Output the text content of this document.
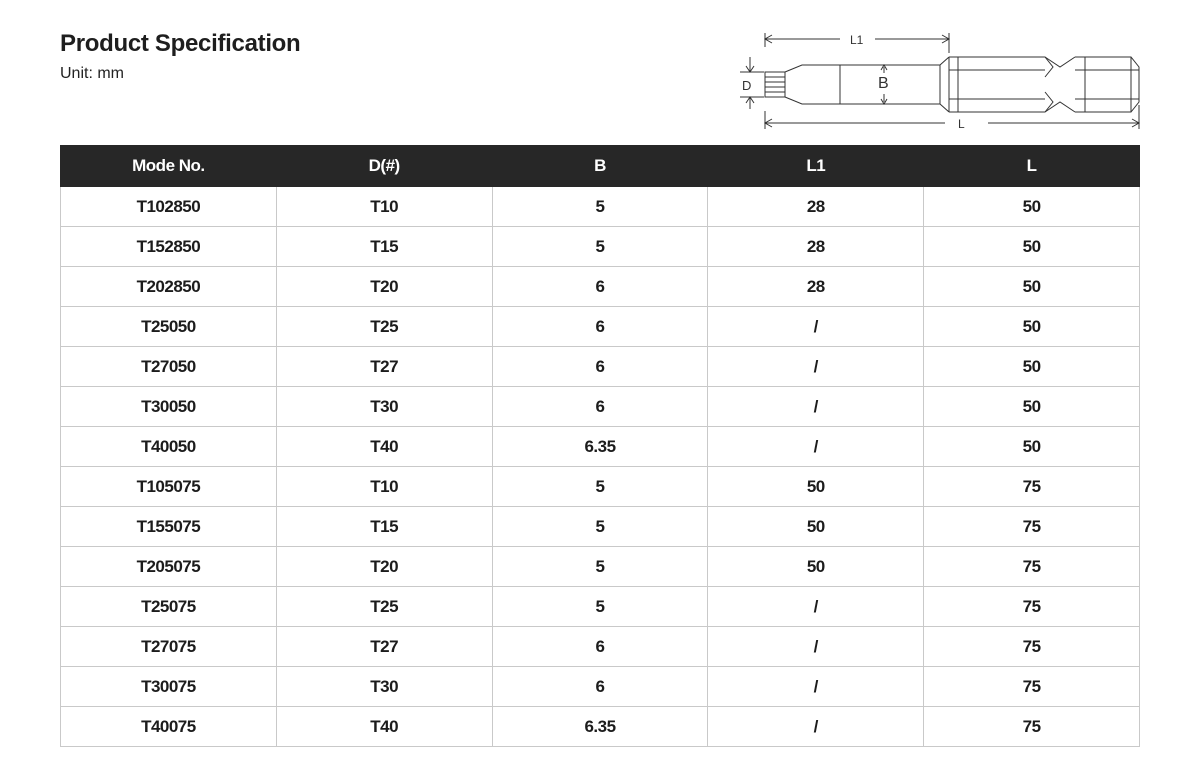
Product Specification
Unit: mm
L1
D	B
L
Mode No.	D(#)	B	L1	L
T102850	T10	5	28	50
T152850	T15	5	28	50
T202850	T20	6	28	50
T25050	T25	6	/	50
T27050	T27	6	/	50
T30050	T30	6	/	50
T40050	T40	6.35	/	50
T105075	T10	5	50	75
T155075	T15	5	50	75
T205075	T20	5	50	75
T25075	T25	5	/	75
T27075	T27	6	/	75
T30075	T30	6	/	75
T40075	T40	6.35	/	75
